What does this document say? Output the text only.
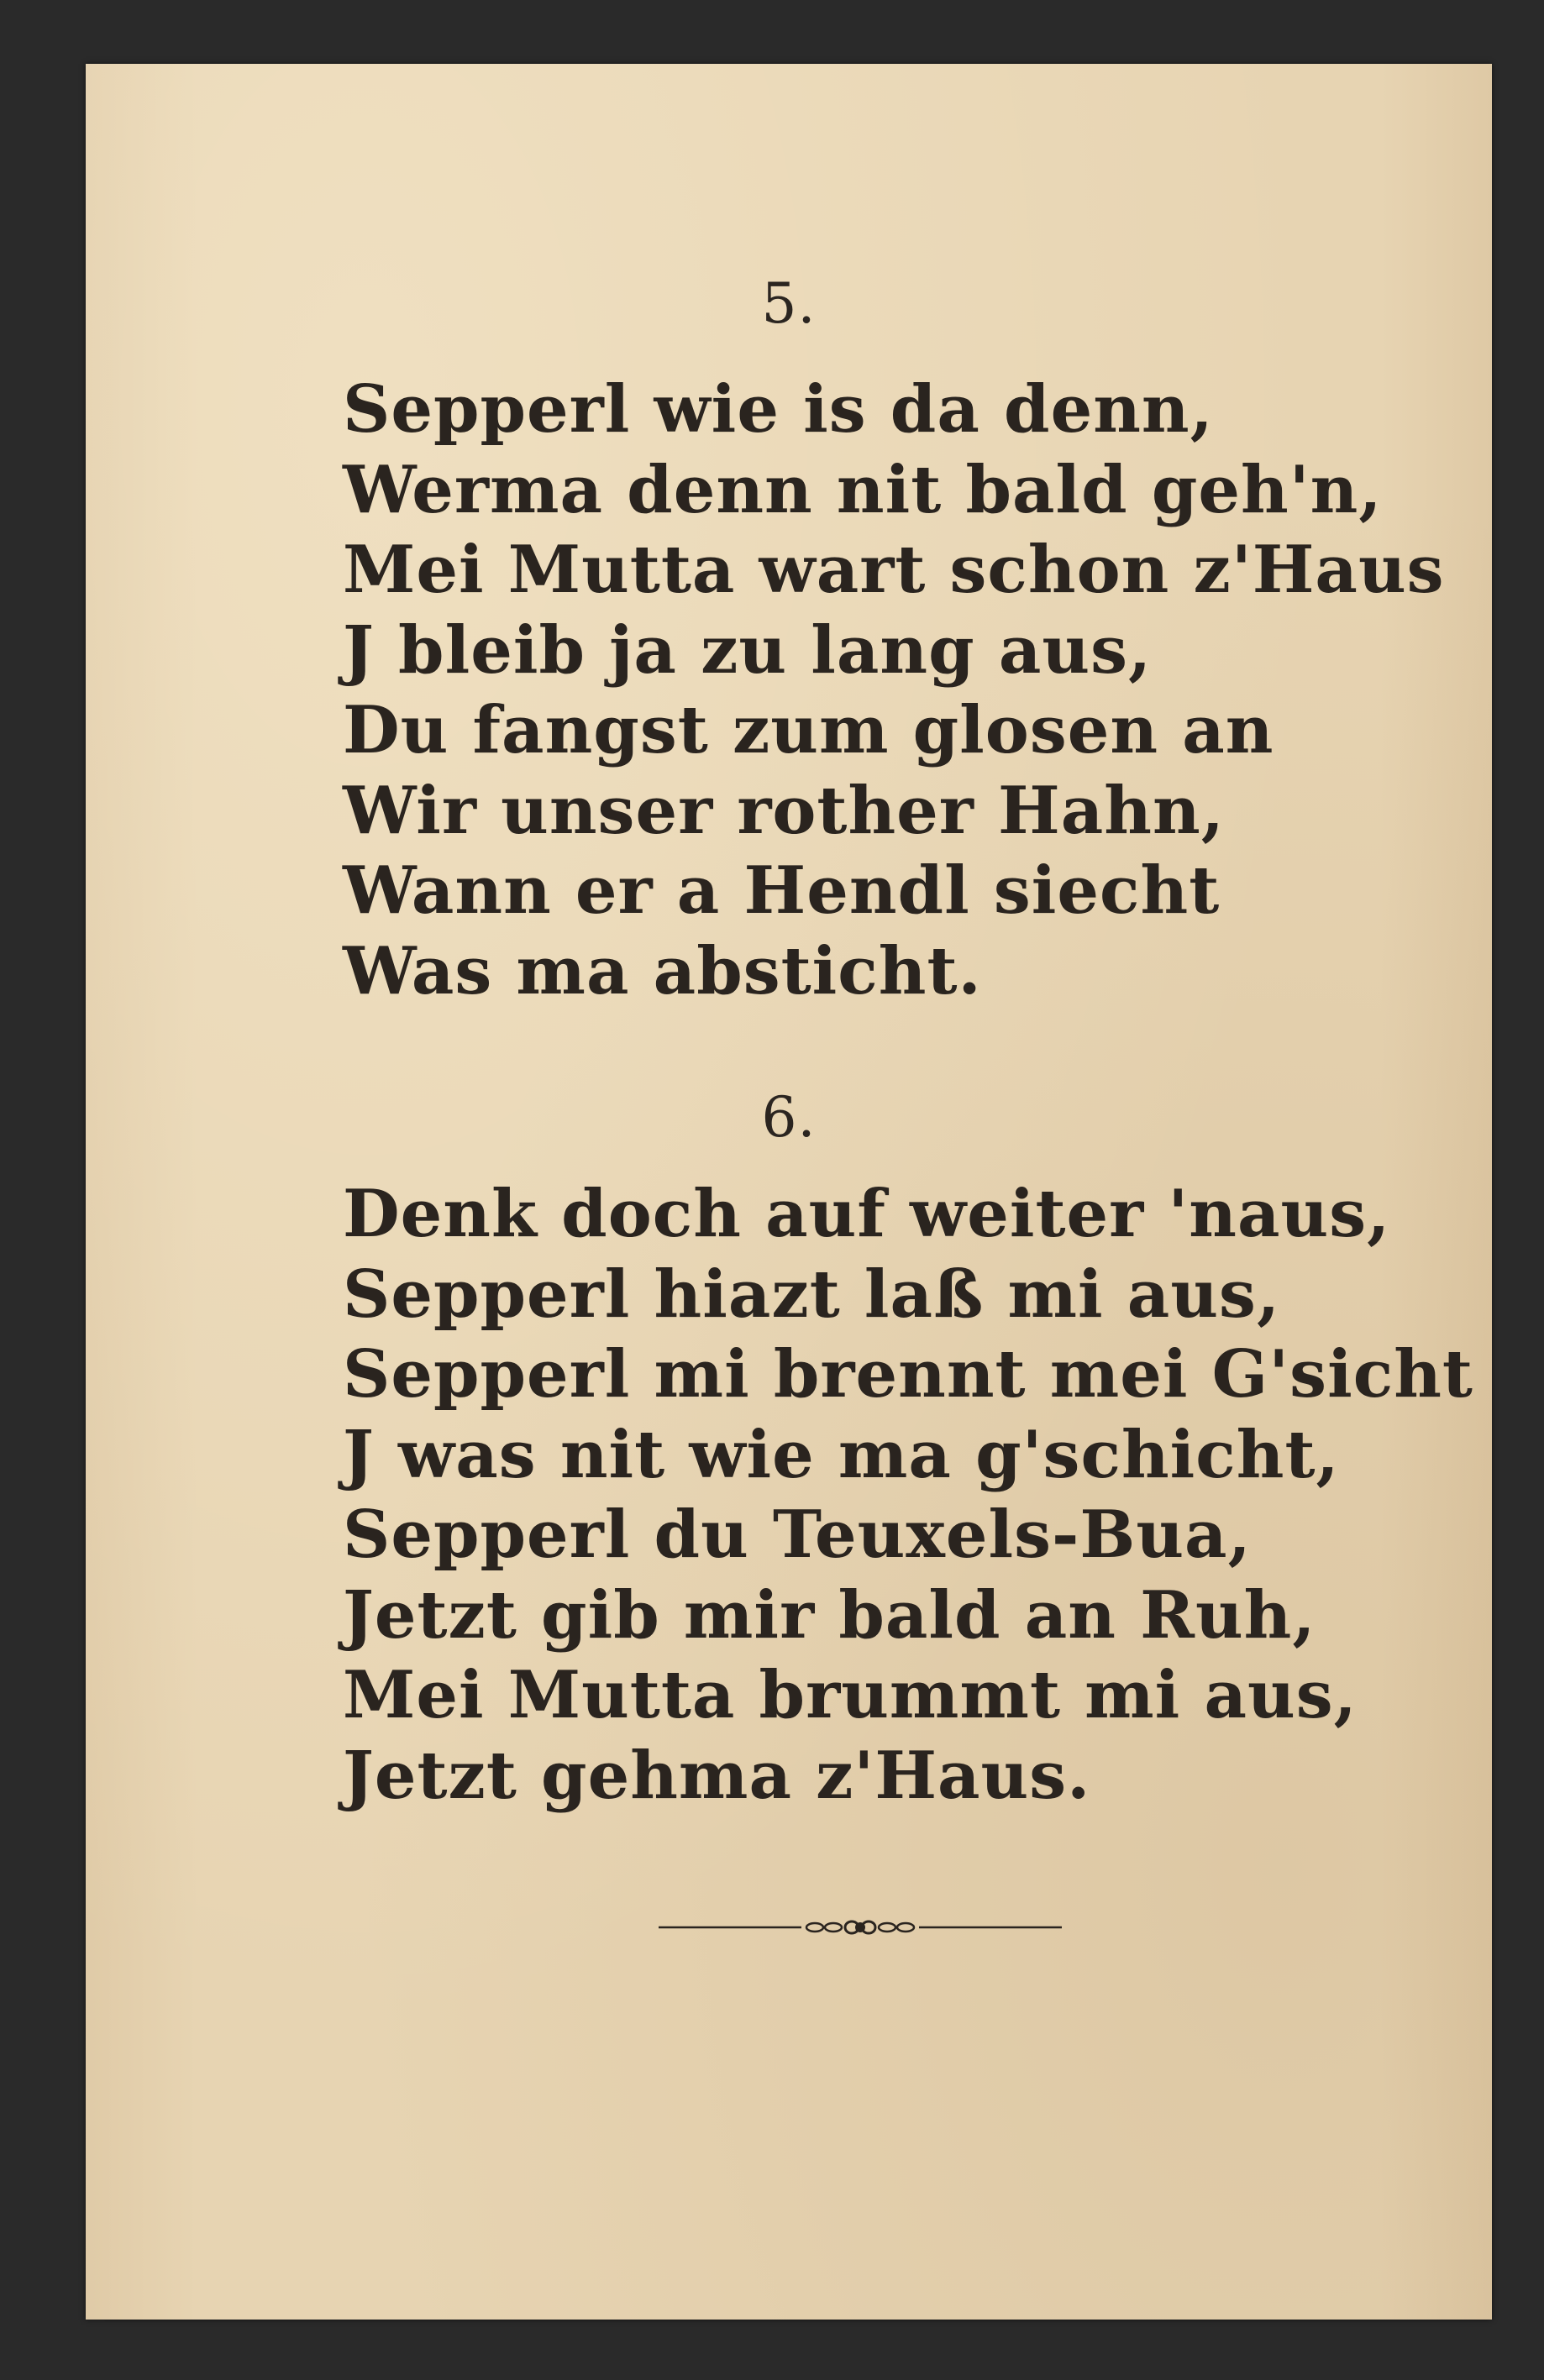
5.
Sepperl wie is da denn,
Werma denn nit bald geh'n,
Mei Mutta wart schon z'Haus
J bleib ja zu lang aus,
Du fangst zum glosen an
Wir unser rother Hahn,
Wann er a Hendl siecht
Was ma absticht.
6.
Denk doch auf weiter 'naus,
Sepperl hiazt laß mi aus,
Sepperl mi brennt mei G'sicht
J was nit wie ma g'schicht,
Sepperl du Teuxels-Bua,
Jetzt gib mir bald an Ruh,
Mei Mutta brummt mi aus,
Jetzt gehma z'Haus.
